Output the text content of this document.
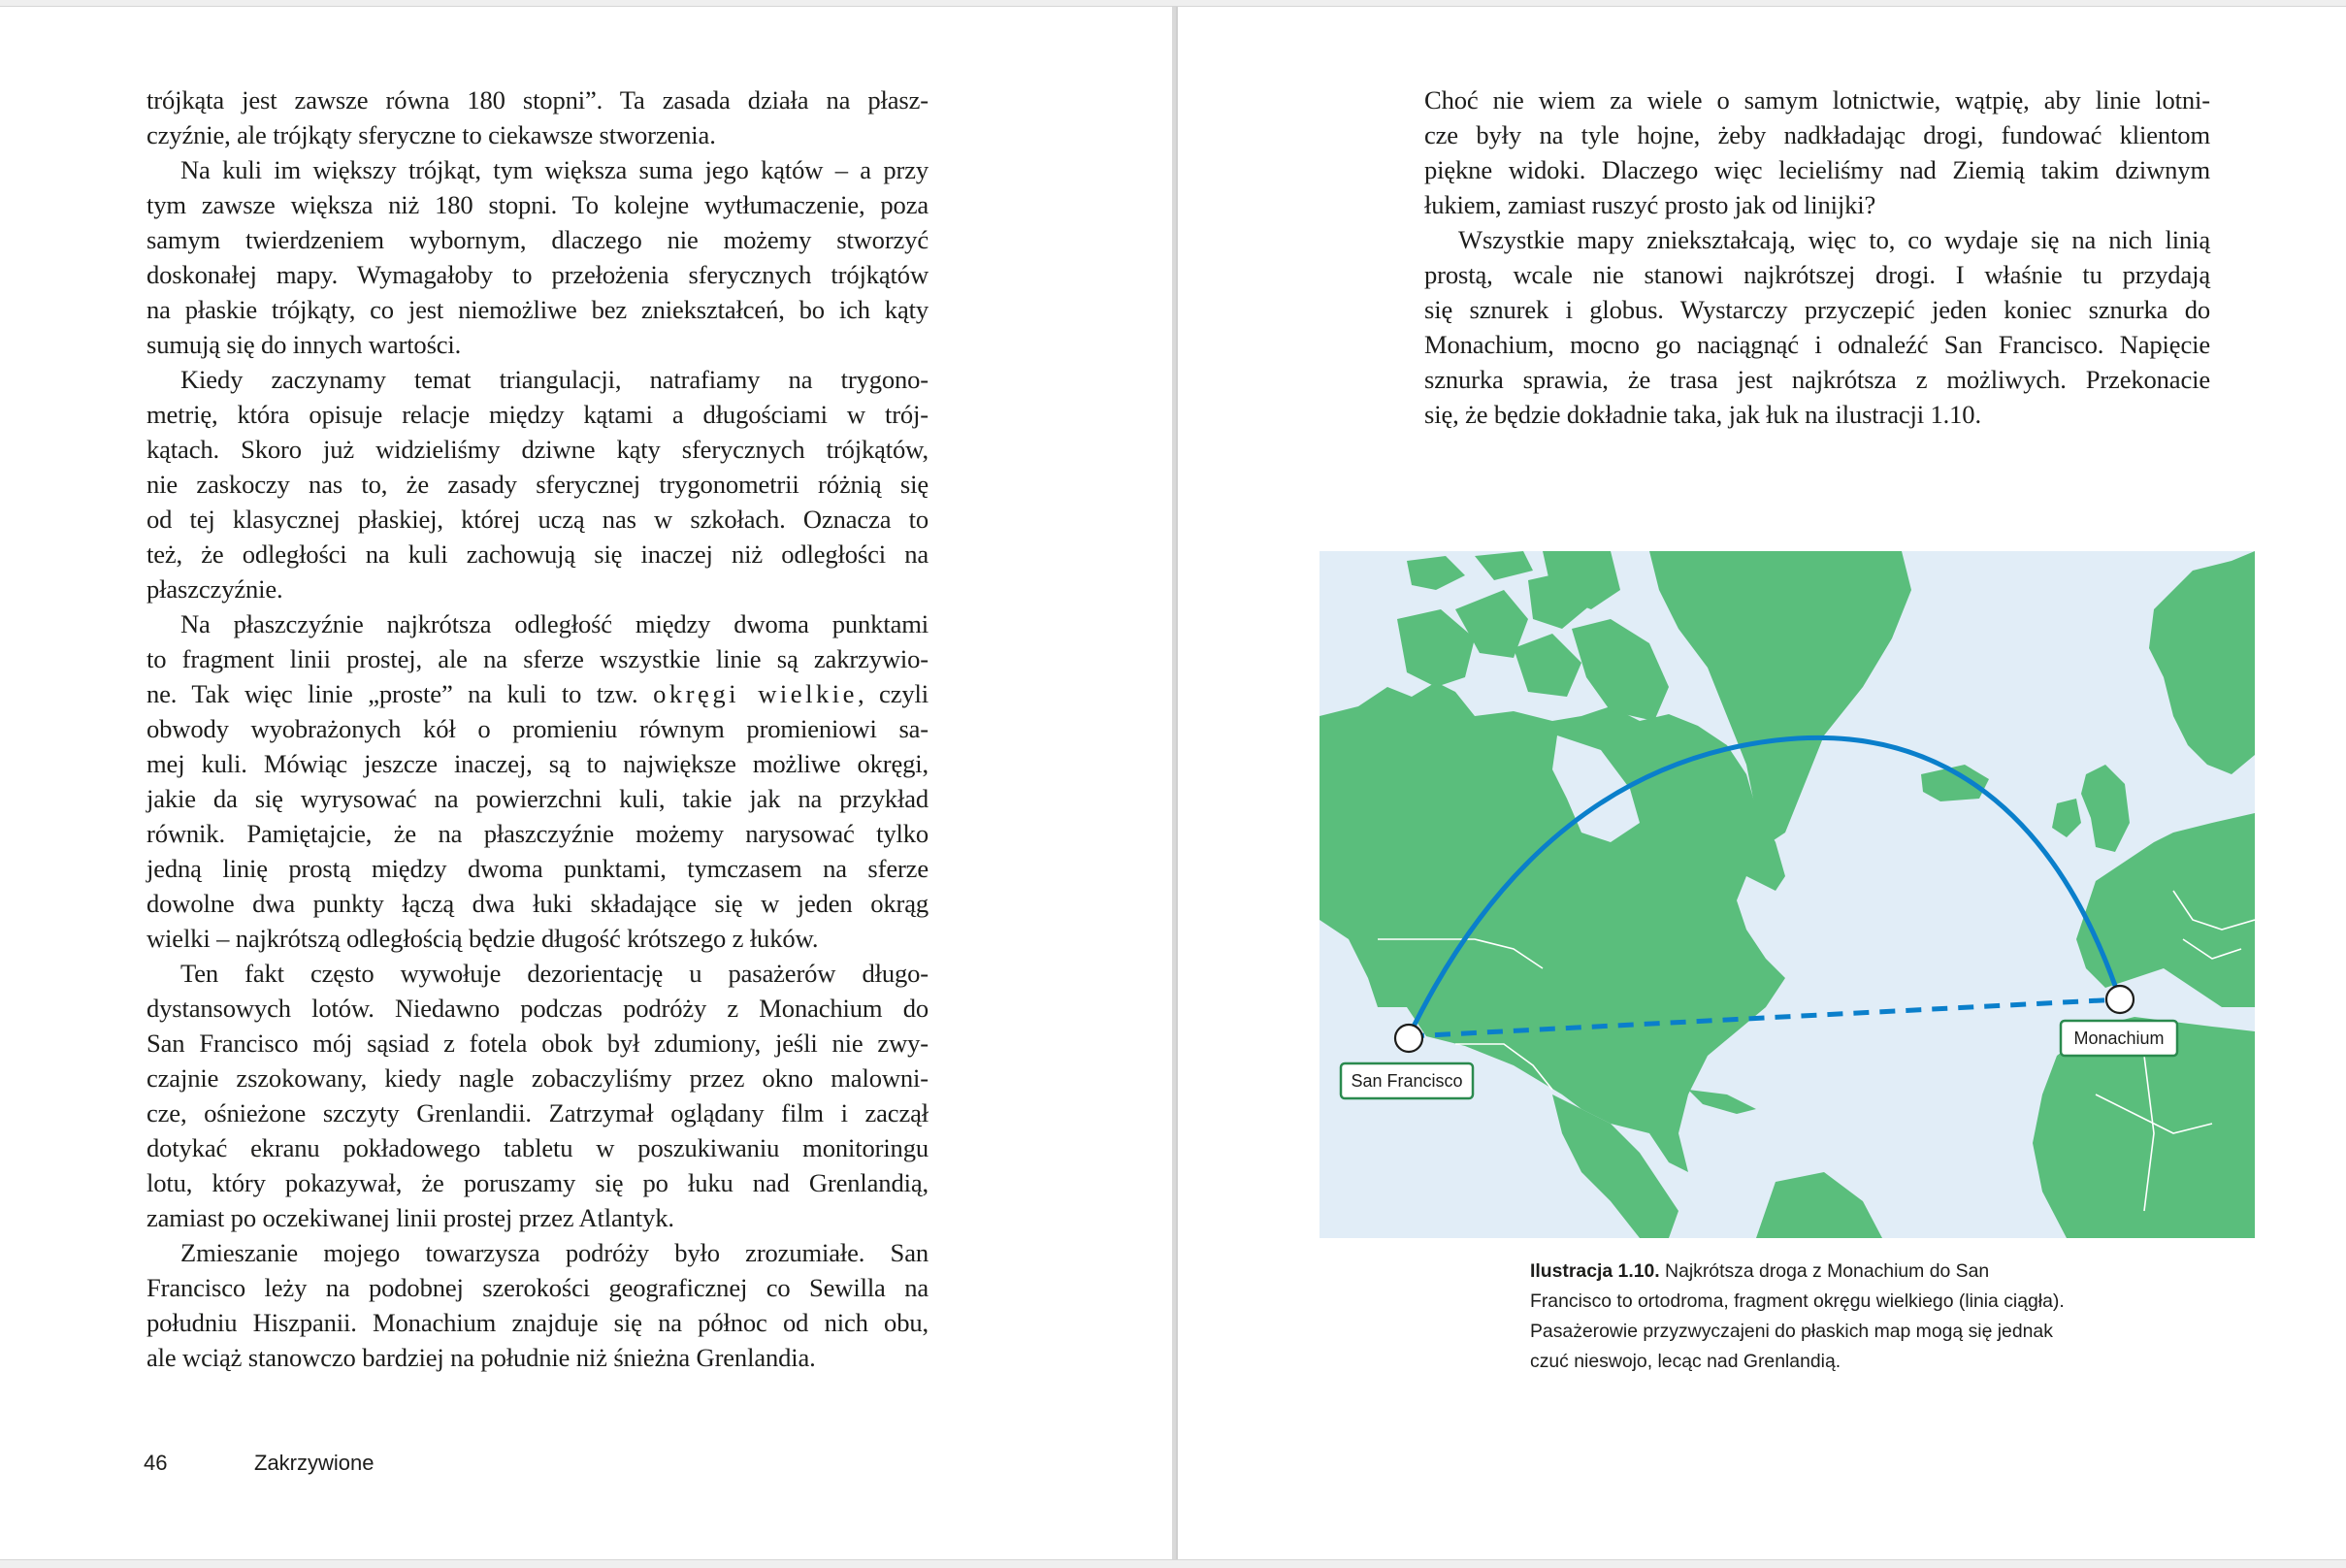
trójkąta jest zawsze równa 180 stopni”. Ta zasada działa na płasz-
czyźnie, ale trójkąty sferyczne to ciekawsze stworzenia.
Na kuli im większy trójkąt, tym większa suma jego kątów – a przy
tym zawsze większa niż 180 stopni. To kolejne wytłumaczenie, poza
samym twierdzeniem wybornym, dlaczego nie możemy stworzyć
doskonałej mapy. Wymagałoby to przełożenia sferycznych trójkątów
na płaskie trójkąty, co jest niemożliwe bez zniekształceń, bo ich kąty
sumują się do innych wartości.
Kiedy zaczynamy temat triangulacji, natrafiamy na trygono-
metrię, która opisuje relacje między kątami a długościami w trój-
kątach. Skoro już widzieliśmy dziwne kąty sferycznych trójkątów,
nie zaskoczy nas to, że zasady sferycznej trygonometrii różnią się
od tej klasycznej płaskiej, której uczą nas w szkołach. Oznacza to
też, że odległości na kuli zachowują się inaczej niż odległości na
płaszczyźnie.
Na płaszczyźnie najkrótsza odległość między dwoma punktami
to fragment linii prostej, ale na sferze wszystkie linie są zakrzywio-
ne. Tak więc linie „proste” na kuli to tzw. okręgi wielkie, czyli
obwody wyobrażonych kół o promieniu równym promieniowi sa-
mej kuli. Mówiąc jeszcze inaczej, są to największe możliwe okręgi,
jakie da się wyrysować na powierzchni kuli, takie jak na przykład
równik. Pamiętajcie, że na płaszczyźnie możemy narysować tylko
jedną linię prostą między dwoma punktami, tymczasem na sferze
dowolne dwa punkty łączą dwa łuki składające się w jeden okrąg
wielki – najkrótszą odległością będzie długość krótszego z łuków.
Ten fakt często wywołuje dezorientację u pasażerów długo-
dystansowych lotów. Niedawno podczas podróży z Monachium do
San Francisco mój sąsiad z fotela obok był zdumiony, jeśli nie zwy-
czajnie zszokowany, kiedy nagle zobaczyliśmy przez okno malowni-
cze, ośnieżone szczyty Grenlandii. Zatrzymał oglądany film i zaczął
dotykać ekranu pokładowego tabletu w poszukiwaniu monitoringu
lotu, który pokazywał, że poruszamy się po łuku nad Grenlandią,
zamiast po oczekiwanej linii prostej przez Atlantyk.
Zmieszanie mojego towarzysza podróży było zrozumiałe. San
Francisco leży na podobnej szerokości geograficznej co Sewilla na
południu Hiszpanii. Monachium znajduje się na północ od nich obu,
ale wciąż stanowczo bardziej na południe niż śnieżna Grenlandia.
46	Zakrzywione
Choć nie wiem za wiele o samym lotnictwie, wątpię, aby linie lotni-
cze były na tyle hojne, żeby nadkładając drogi, fundować klientom
piękne widoki. Dlaczego więc lecieliśmy nad Ziemią takim dziwnym
łukiem, zamiast ruszyć prosto jak od linijki?
Wszystkie mapy zniekształcają, więc to, co wydaje się na nich linią
prostą, wcale nie stanowi najkrótszej drogi. I właśnie tu przydają
się sznurek i globus. Wystarczy przyczepić jeden koniec sznurka do
Monachium, mocno go naciągnąć i odnaleźć San Francisco. Napięcie
sznurka sprawia, że trasa jest najkrótsza z możliwych. Przekonacie
się, że będzie dokładnie taka, jak łuk na ilustracji 1.10.
San Francisco
Monachium
Ilustracja 1.10. Najkrótsza droga z Monachium do San
Francisco to ortodroma, fragment okręgu wielkiego (linia ciągła).
Pasażerowie przyzwyczajeni do płaskich map mogą się jednak
czuć nieswojo, lecąc nad Grenlandią.
